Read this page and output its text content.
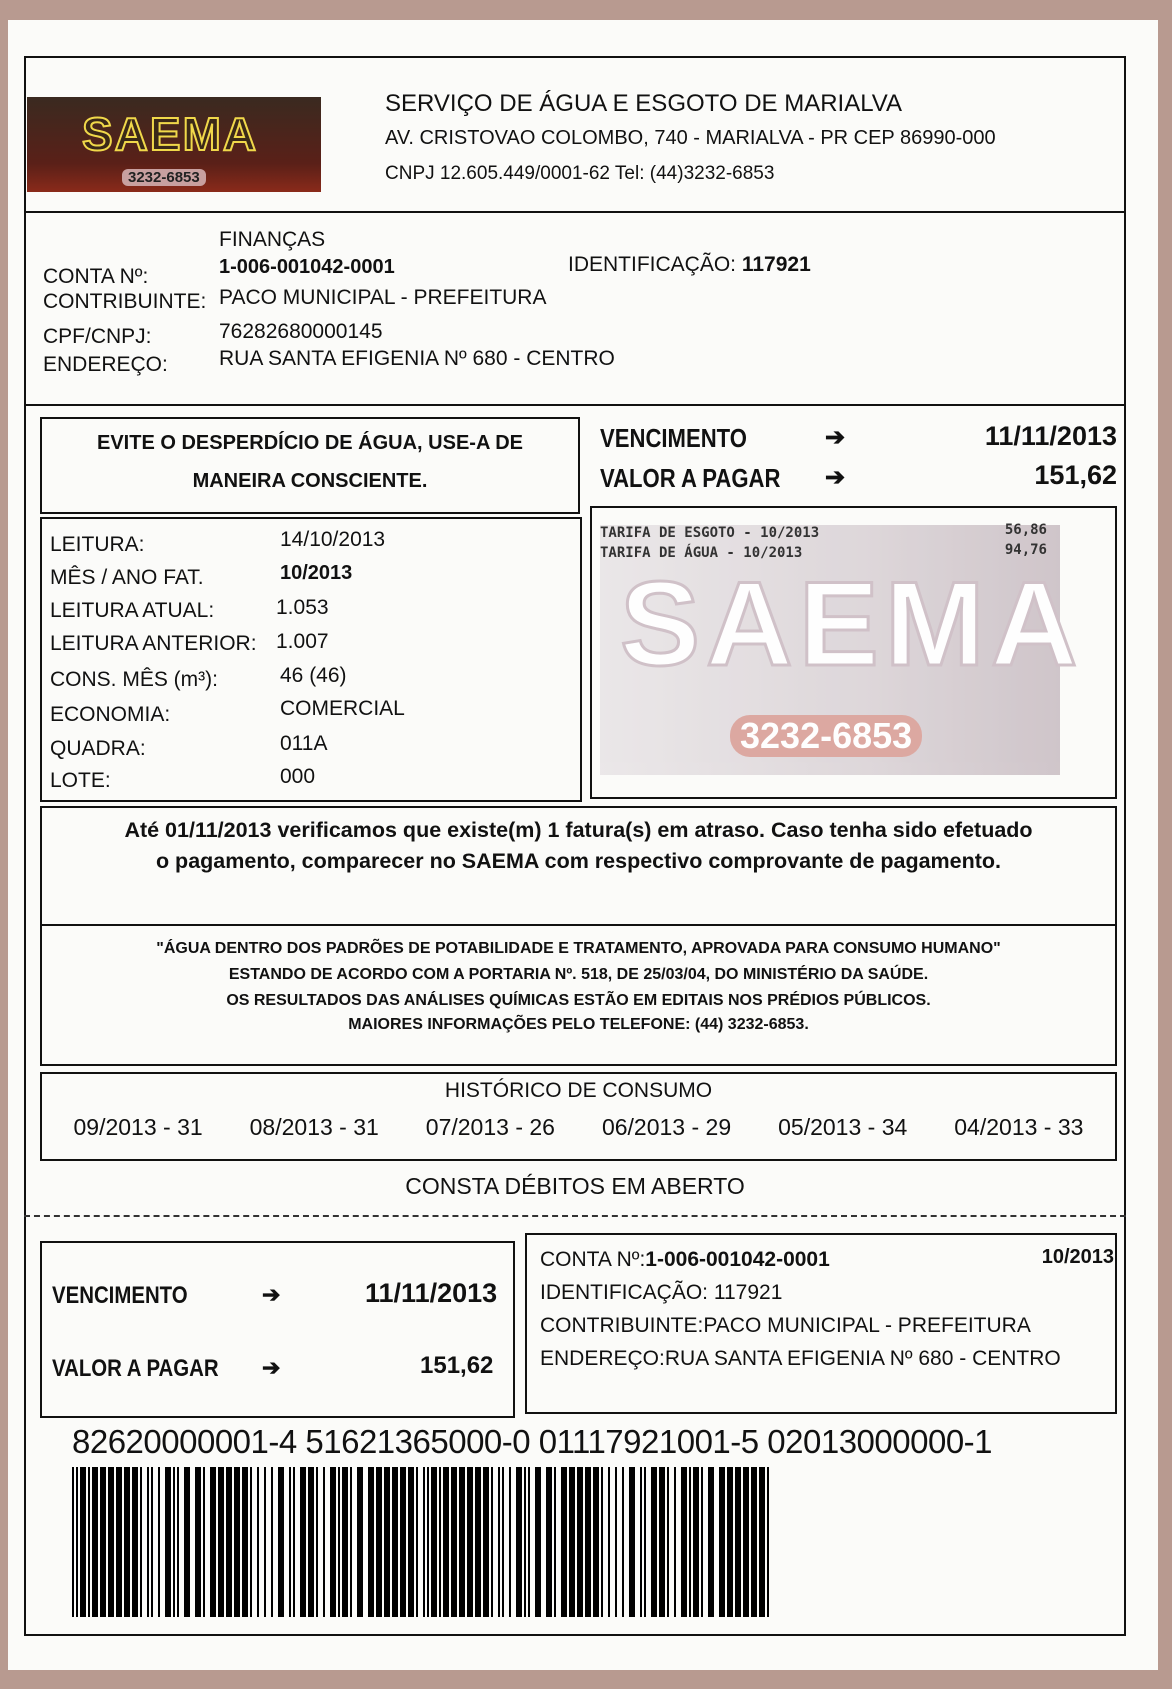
SAEMA
3232-6853
SERVIÇO DE ÁGUA E ESGOTO DE MARIALVA
AV. CRISTOVAO COLOMBO, 740 - MARIALVA - PR CEP 86990-000
CNPJ 12.605.449/0001-62 Tel: (44)3232-6853
FINANÇAS
CONTA Nº:	1-006-001042-0001	IDENTIFICAÇÃO: 117921
CONTRIBUINTE: PACO MUNICIPAL - PREFEITURA
CPF/CNPJ:	76282680000145
ENDEREÇO: RUA SANTA EFIGENIA Nº 680 - CENTRO
EVITE O DESPERDÍCIO DE ÁGUA, USE-A DE
MANEIRA CONSCIENTE.
VENCIMENTO	➔	11/11/2013
VALOR A PAGAR ➔	151,62
SAEMA
3232-6853
LEITURA:	14/10/2013
MÊS / ANO FAT.	10/2013
LEITURA ATUAL:	1.053
LEITURA ANTERIOR: 1.007
CONS. MÊS (m³):	46 (46)
ECONOMIA:	COMERCIAL
QUADRA:	011A
LOTE:	000
TARIFA DE ESGOTO - 10/2013	56,86
TARIFA DE ÁGUA - 10/2013	94,76
Até 01/11/2013 verificamos que existe(m) 1 fatura(s) em atraso. Caso tenha sido efetuado
o pagamento, comparecer no SAEMA com respectivo comprovante de pagamento.
"ÁGUA DENTRO DOS PADRÕES DE POTABILIDADE E TRATAMENTO, APROVADA PARA CONSUMO HUMANO"
ESTANDO DE ACORDO COM A PORTARIA Nº. 518, DE 25/03/04, DO MINISTÉRIO DA SAÚDE.
OS RESULTADOS DAS ANÁLISES QUÍMICAS ESTÃO EM EDITAIS NOS PRÉDIOS PÚBLICOS.
MAIORES INFORMAÇÕES PELO TELEFONE: (44) 3232-6853.
HISTÓRICO DE CONSUMO
09/2013 - 31 08/2013 - 31 07/2013 - 26 06/2013 - 29 05/2013 - 34 04/2013 - 33
CONSTA DÉBITOS EM ABERTO
VENCIMENTO	➔	11/11/2013
VALOR A PAGAR ➔	151,62
CONTA Nº:1-006-001042-0001	10/2013
IDENTIFICAÇÃO: 117921
CONTRIBUINTE:PACO MUNICIPAL - PREFEITURA
ENDEREÇO:RUA SANTA EFIGENIA Nº 680 - CENTRO
82620000001-4 51621365000-0 01117921001-5 02013000000-1
